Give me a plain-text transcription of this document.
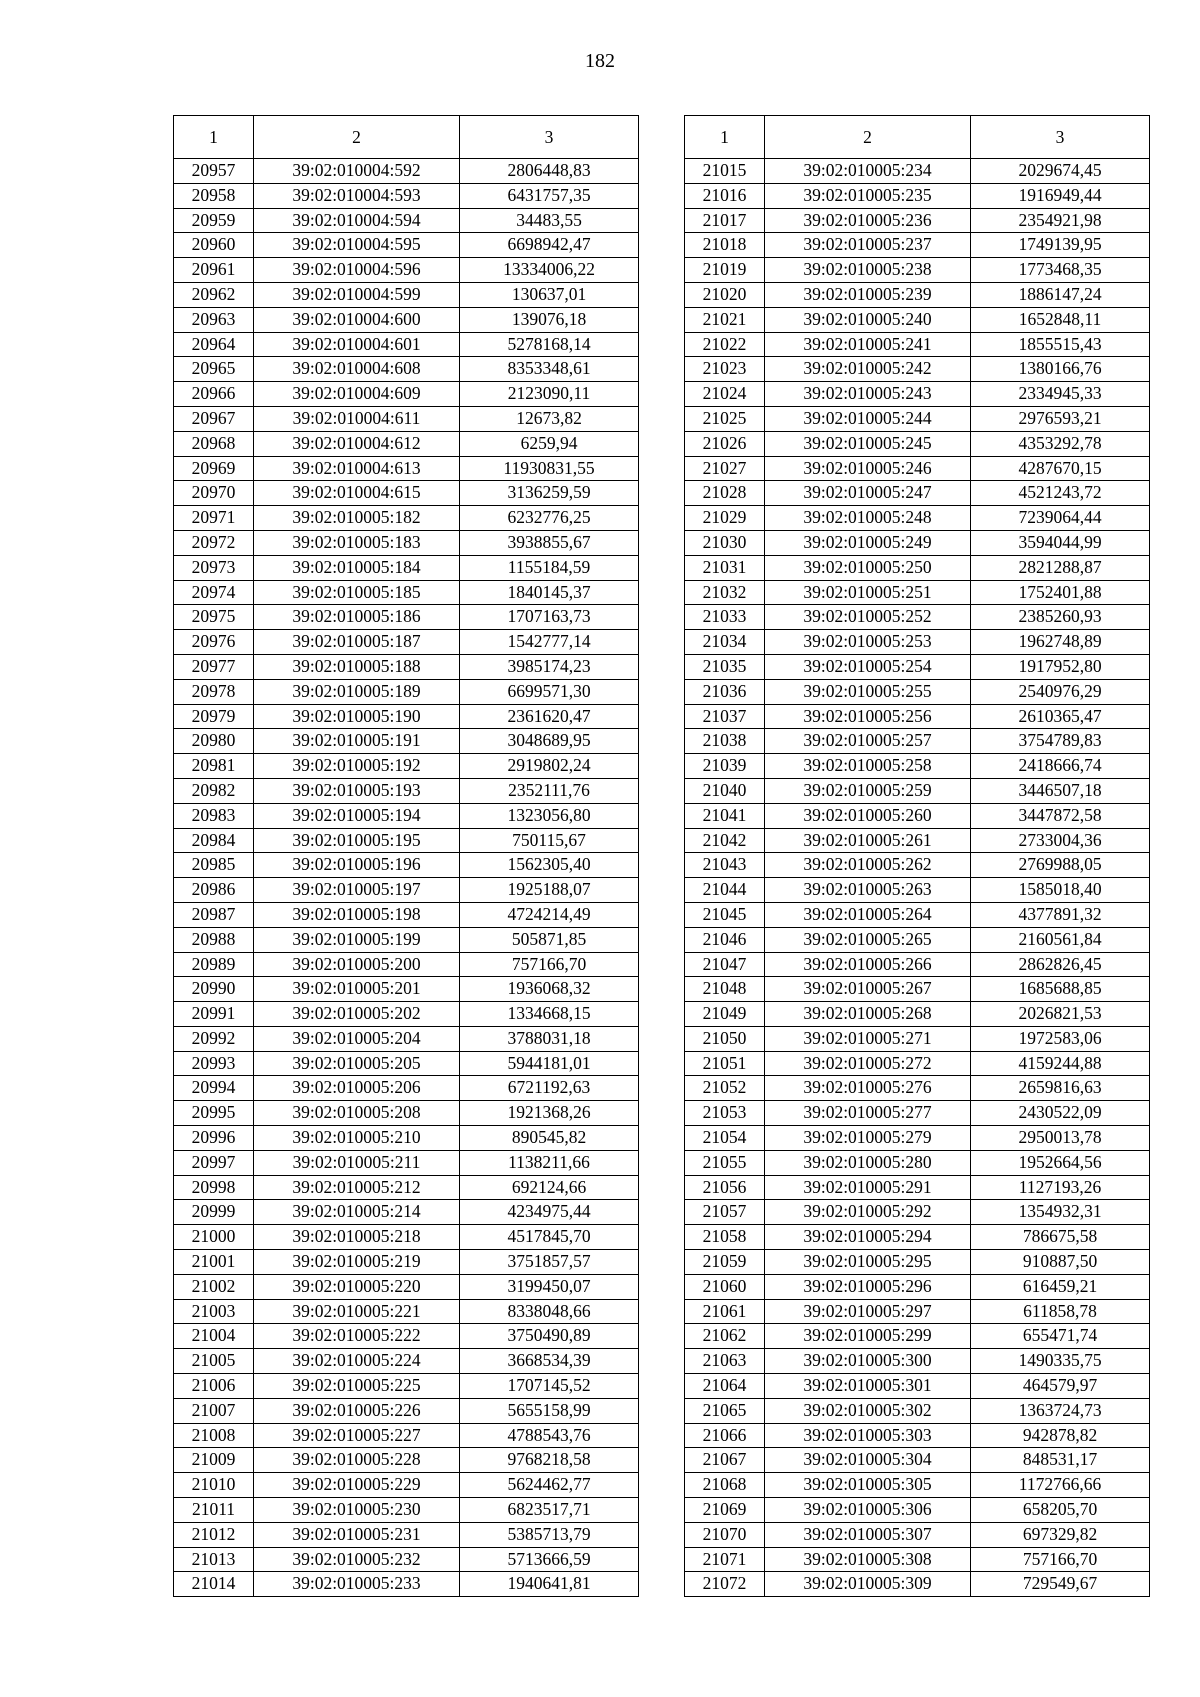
182
1	2	3
20957	39:02:010004:592	2806448,83
20958	39:02:010004:593	6431757,35
20959	39:02:010004:594	34483,55
20960	39:02:010004:595	6698942,47
20961	39:02:010004:596	13334006,22
20962	39:02:010004:599	130637,01
20963	39:02:010004:600	139076,18
20964	39:02:010004:601	5278168,14
20965	39:02:010004:608	8353348,61
20966	39:02:010004:609	2123090,11
20967	39:02:010004:611	12673,82
20968	39:02:010004:612	6259,94
20969	39:02:010004:613	11930831,55
20970	39:02:010004:615	3136259,59
20971	39:02:010005:182	6232776,25
20972	39:02:010005:183	3938855,67
20973	39:02:010005:184	1155184,59
20974	39:02:010005:185	1840145,37
20975	39:02:010005:186	1707163,73
20976	39:02:010005:187	1542777,14
20977	39:02:010005:188	3985174,23
20978	39:02:010005:189	6699571,30
20979	39:02:010005:190	2361620,47
20980	39:02:010005:191	3048689,95
20981	39:02:010005:192	2919802,24
20982	39:02:010005:193	2352111,76
20983	39:02:010005:194	1323056,80
20984	39:02:010005:195	750115,67
20985	39:02:010005:196	1562305,40
20986	39:02:010005:197	1925188,07
20987	39:02:010005:198	4724214,49
20988	39:02:010005:199	505871,85
20989	39:02:010005:200	757166,70
20990	39:02:010005:201	1936068,32
20991	39:02:010005:202	1334668,15
20992	39:02:010005:204	3788031,18
20993	39:02:010005:205	5944181,01
20994	39:02:010005:206	6721192,63
20995	39:02:010005:208	1921368,26
20996	39:02:010005:210	890545,82
20997	39:02:010005:211	1138211,66
20998	39:02:010005:212	692124,66
20999	39:02:010005:214	4234975,44
21000	39:02:010005:218	4517845,70
21001	39:02:010005:219	3751857,57
21002	39:02:010005:220	3199450,07
21003	39:02:010005:221	8338048,66
21004	39:02:010005:222	3750490,89
21005	39:02:010005:224	3668534,39
21006	39:02:010005:225	1707145,52
21007	39:02:010005:226	5655158,99
21008	39:02:010005:227	4788543,76
21009	39:02:010005:228	9768218,58
21010	39:02:010005:229	5624462,77
21011	39:02:010005:230	6823517,71
21012	39:02:010005:231	5385713,79
21013	39:02:010005:232	5713666,59
21014	39:02:010005:233	1940641,81
1	2	3
21015	39:02:010005:234	2029674,45
21016	39:02:010005:235	1916949,44
21017	39:02:010005:236	2354921,98
21018	39:02:010005:237	1749139,95
21019	39:02:010005:238	1773468,35
21020	39:02:010005:239	1886147,24
21021	39:02:010005:240	1652848,11
21022	39:02:010005:241	1855515,43
21023	39:02:010005:242	1380166,76
21024	39:02:010005:243	2334945,33
21025	39:02:010005:244	2976593,21
21026	39:02:010005:245	4353292,78
21027	39:02:010005:246	4287670,15
21028	39:02:010005:247	4521243,72
21029	39:02:010005:248	7239064,44
21030	39:02:010005:249	3594044,99
21031	39:02:010005:250	2821288,87
21032	39:02:010005:251	1752401,88
21033	39:02:010005:252	2385260,93
21034	39:02:010005:253	1962748,89
21035	39:02:010005:254	1917952,80
21036	39:02:010005:255	2540976,29
21037	39:02:010005:256	2610365,47
21038	39:02:010005:257	3754789,83
21039	39:02:010005:258	2418666,74
21040	39:02:010005:259	3446507,18
21041	39:02:010005:260	3447872,58
21042	39:02:010005:261	2733004,36
21043	39:02:010005:262	2769988,05
21044	39:02:010005:263	1585018,40
21045	39:02:010005:264	4377891,32
21046	39:02:010005:265	2160561,84
21047	39:02:010005:266	2862826,45
21048	39:02:010005:267	1685688,85
21049	39:02:010005:268	2026821,53
21050	39:02:010005:271	1972583,06
21051	39:02:010005:272	4159244,88
21052	39:02:010005:276	2659816,63
21053	39:02:010005:277	2430522,09
21054	39:02:010005:279	2950013,78
21055	39:02:010005:280	1952664,56
21056	39:02:010005:291	1127193,26
21057	39:02:010005:292	1354932,31
21058	39:02:010005:294	786675,58
21059	39:02:010005:295	910887,50
21060	39:02:010005:296	616459,21
21061	39:02:010005:297	611858,78
21062	39:02:010005:299	655471,74
21063	39:02:010005:300	1490335,75
21064	39:02:010005:301	464579,97
21065	39:02:010005:302	1363724,73
21066	39:02:010005:303	942878,82
21067	39:02:010005:304	848531,17
21068	39:02:010005:305	1172766,66
21069	39:02:010005:306	658205,70
21070	39:02:010005:307	697329,82
21071	39:02:010005:308	757166,70
21072	39:02:010005:309	729549,67
